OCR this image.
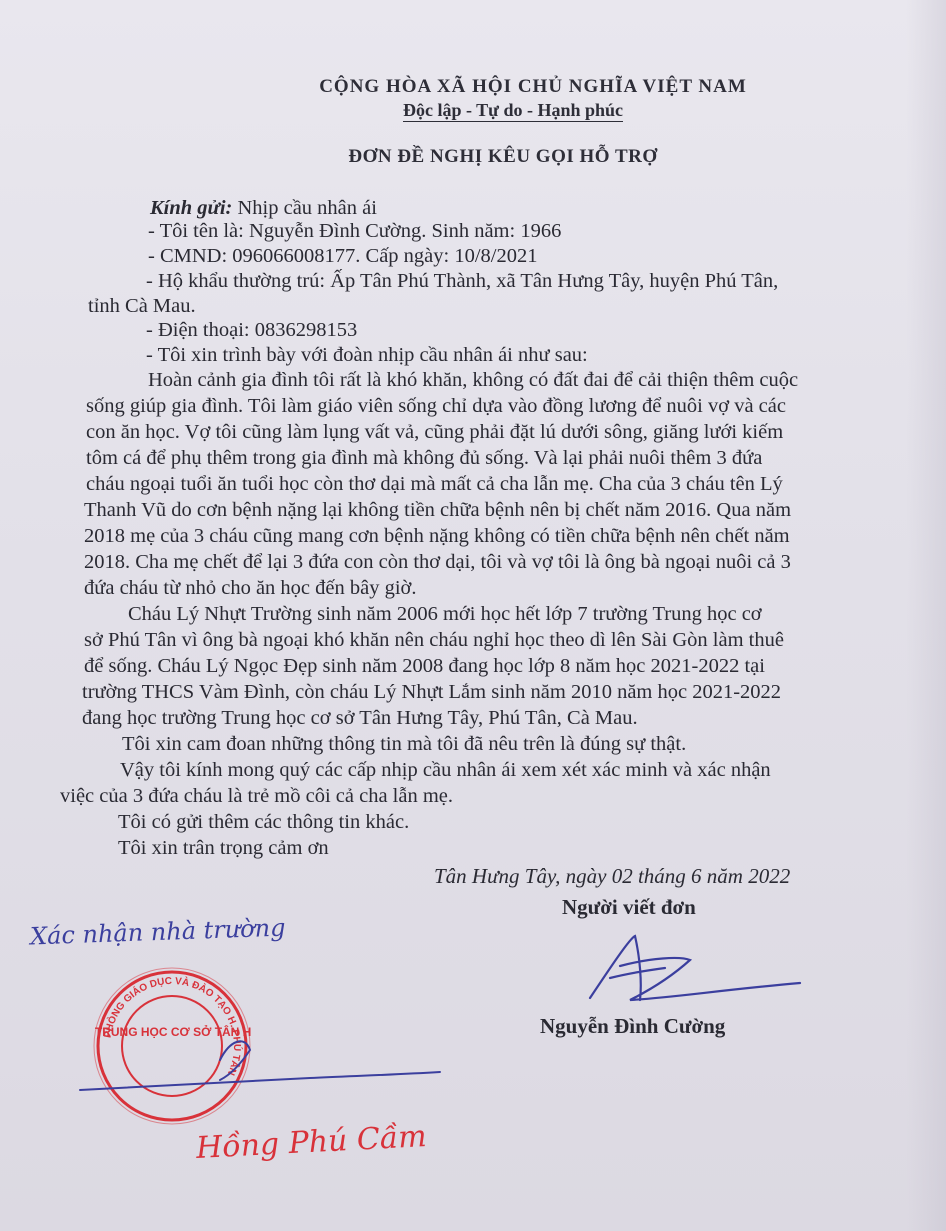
CỘNG HÒA XÃ HỘI CHỦ NGHĨA VIỆT NAM
Độc lập - Tự do - Hạnh phúc
ĐƠN ĐỀ NGHỊ KÊU GỌI HỖ TRỢ
Kính gửi: Nhịp cầu nhân ái
- Tôi tên là: Nguyễn Đình Cường. Sinh năm: 1966
- CMND: 096066008177. Cấp ngày: 10/8/2021
- Hộ khẩu thường trú: Ấp Tân Phú Thành, xã Tân Hưng Tây, huyện Phú Tân,
tỉnh Cà Mau.
- Điện thoại: 0836298153
- Tôi xin trình bày với đoàn nhịp cầu nhân ái như sau:
Hoàn cảnh gia đình tôi rất là khó khăn, không có đất đai để cải thiện thêm cuộc
sống giúp gia đình. Tôi làm giáo viên sống chỉ dựa vào đồng lương để nuôi vợ và các
con ăn học. Vợ tôi cũng làm lụng vất vả, cũng phải đặt lú dưới sông, giăng lưới kiếm
tôm cá để phụ thêm trong gia đình mà không đủ sống. Và lại phải nuôi thêm 3 đứa
cháu ngoại tuổi ăn tuổi học còn thơ dại mà mất cả cha lẫn mẹ. Cha của 3 cháu tên Lý
Thanh Vũ do cơn bệnh nặng lại không tiền chữa bệnh nên bị chết năm 2016. Qua năm
2018 mẹ của 3 cháu cũng mang cơn bệnh nặng không có tiền chữa bệnh nên chết năm
2018. Cha mẹ chết để lại 3 đứa con còn thơ dại, tôi và vợ tôi là ông bà ngoại nuôi cả 3
đứa cháu từ nhỏ cho ăn học đến bây giờ.
Cháu Lý Nhựt Trường sinh năm 2006 mới học hết lớp 7 trường Trung học cơ
sở Phú Tân vì ông bà ngoại khó khăn nên cháu nghỉ học theo dì lên Sài Gòn làm thuê
để sống. Cháu Lý Ngọc Đẹp sinh năm 2008 đang học lớp 8 năm học 2021-2022 tại
trường THCS Vàm Đình, còn cháu Lý Nhựt Lắm sinh năm 2010 năm học 2021-2022
đang học trường Trung học cơ sở Tân Hưng Tây, Phú Tân, Cà Mau.
Tôi xin cam đoan những thông tin mà tôi đã nêu trên là đúng sự thật.
Vậy tôi kính mong quý các cấp nhịp cầu nhân ái xem xét xác minh và xác nhận
việc của 3 đứa cháu là trẻ mồ côi cả cha lẫn mẹ.
Tôi có gửi thêm các thông tin khác.
Tôi xin trân trọng cảm ơn
Tân Hưng Tây, ngày 02 tháng 6 năm 2022
Người viết đơn
Nguyễn Đình Cường
Xác nhận nhà trường
PHÒNG GIÁO DỤC VÀ ĐÀO TẠO H. PHÚ TÂN
TRUNG HỌC CƠ SỞ TÂN H
Hồng Phú Cầm
